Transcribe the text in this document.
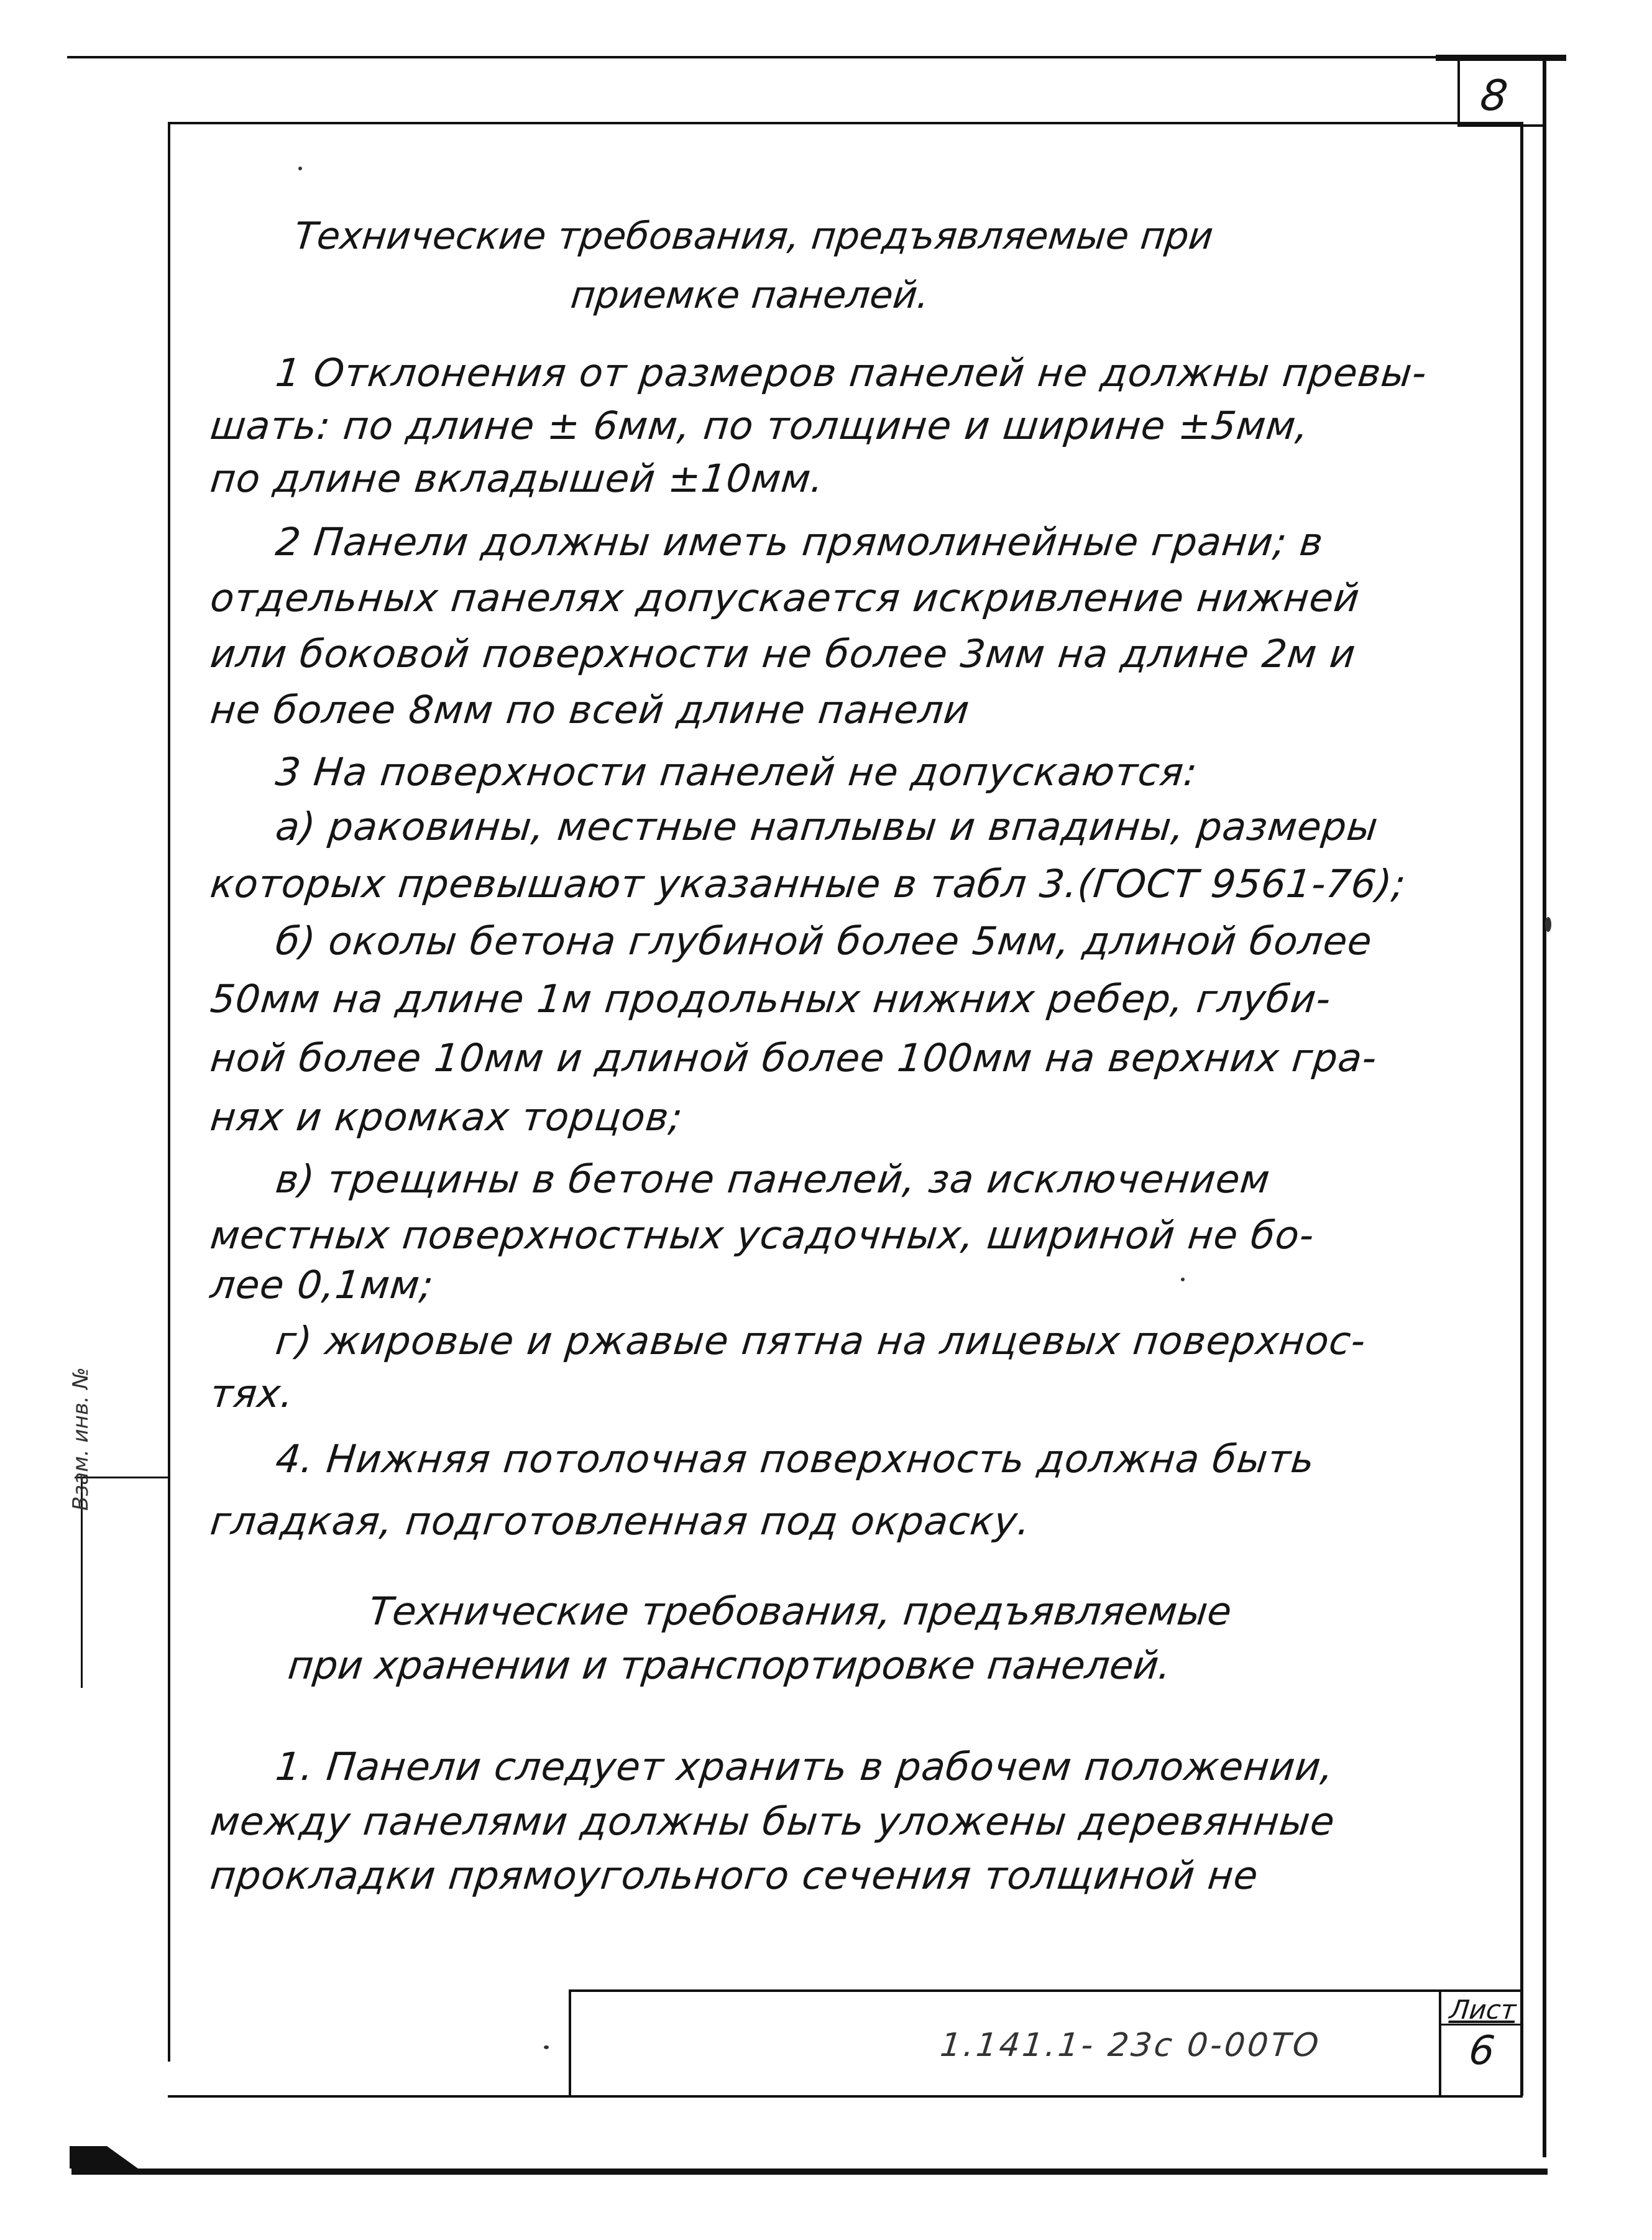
Лист
6
1.141.1- 23с 0-00ТО
8
Взам. инв. №
Технические требования, предъявляемые при
приемке панелей.
1 Отклонения от размеров панелей не должны превы-
шать: по длине ± 6мм, по толщине и ширине ±5мм,
по длине вкладышей ±10мм.
2 Панели должны иметь прямолинейные грани; в
отдельных панелях допускается искривление нижней
или боковой поверхности не более 3мм на длине 2м и
не более 8мм по всей длине панели
3 На поверхности панелей не допускаются:
а) раковины, местные наплывы и впадины, размеры
которых превышают указанные в табл 3.(ГОСТ 9561-76);
б) околы бетона глубиной более 5мм, длиной более
50мм на длине 1м продольных нижних ребер, глуби-
ной более 10мм и длиной более 100мм на верхних гра-
нях и кромках торцов;
в) трещины в бетоне панелей, за исключением
местных поверхностных усадочных, шириной не бо-
лее 0,1мм;
г) жировые и ржавые пятна на лицевых поверхнос-
тях.
4. Нижняя потолочная поверхность должна быть
гладкая, подготовленная под окраску.
Технические требования, предъявляемые
при хранении и транспортировке панелей.
1. Панели следует хранить в рабочем положении,
между панелями должны быть уложены деревянные
прокладки прямоугольного сечения толщиной не
